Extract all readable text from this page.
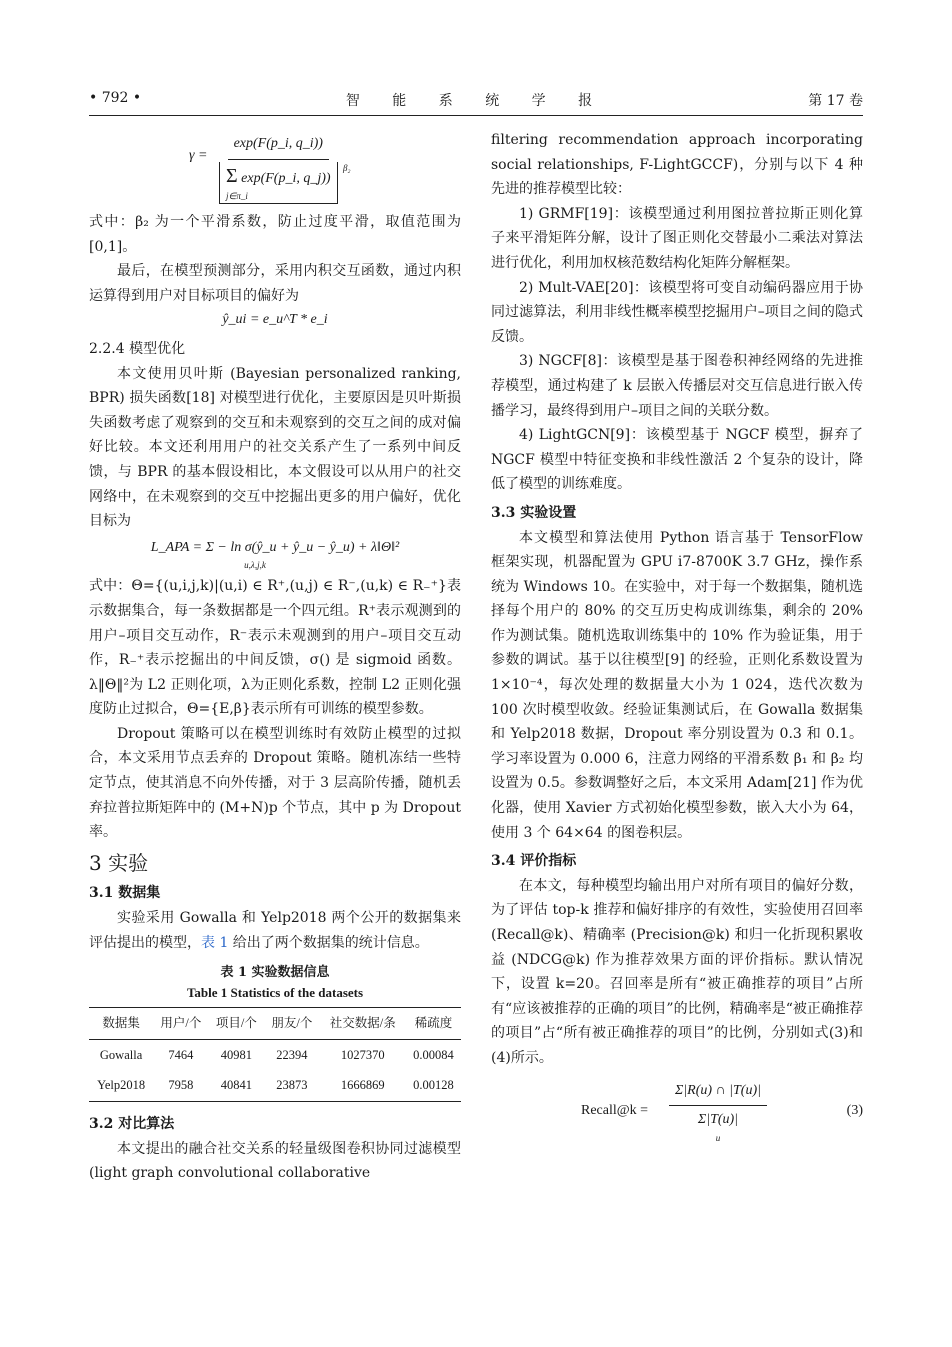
• 792 •	智 能 系 统 学 报	第 17 卷
γ =
exp(F(p_i, q_i))
Σ exp(F(p_i, q_j))
β₂
j∈π_i

式中：β₂ 为一个平滑系数，防止过度平滑，取值范围为 [0,1]。

最后，在模型预测部分，采用内积交互函数，通过内积运算得到用户对目标项目的偏好为

ŷ_ui = e_u^T * e_i
2.2.4 模型优化

本文使用贝叶斯 (Bayesian personalized ranking, BPR) 损失函数[18] 对模型进行优化，主要原因是贝叶斯损失函数考虑了观察到的交互和未观察到的交互之间的成对偏好比较。本文还利用用户的社交关系产生了一系列中间反馈，与 BPR 的基本假设相比，本文假设可以从用户的社交网络中，在未观察到的交互中挖掘出更多的用户偏好，优化目标为

L_APA = Σ − ln σ(ŷ_u + ŷ_u − ŷ_u) + λ‖Θ‖²
u,λ,j,k

式中：Θ={(u,i,j,k)|(u,i) ∈ R⁺,(u,j) ∈ R⁻,(u,k) ∈ R₋⁺}表示数据集合，每一条数据都是一个四元组。R⁺表示观测到的用户–项目交互动作，R⁻表示未观测到的用户–项目交互动作，R₋⁺表示挖掘出的中间反馈，σ() 是 sigmoid 函数。λ‖Θ‖²为 L2 正则化项，λ为正则化系数，控制 L2 正则化强度防止过拟合，Θ={E,β}表示所有可训练的模型参数。

Dropout 策略可以在模型训练时有效防止模型的过拟合，本文采用节点丢弃的 Dropout 策略。随机冻结一些特定节点，使其消息不向外传播，对于 3 层高阶传播，随机丢弃拉普拉斯矩阵中的 (M+N)p 个节点，其中 p 为 Dropout 率。

3 实验
3.1 数据集

实验采用 Gowalla 和 Yelp2018 两个公开的数据集来评估提出的模型，表 1 给出了两个数据集的统计信息。

表 1 实验数据信息
Table 1 Statistics of the datasets
数据集	用户/个	项目/个	朋友/个	社交数据/条	稀疏度
Gowalla	7464	40981	22394	1027370	0.00084
Yelp2018	7958	40841	23873	1666869	0.00128
3.2 对比算法

本文提出的融合社交关系的轻量级图卷积协同过滤模型 (light graph convolutional collaborative

filtering recommendation approach incorporating social relationships, F-LightGCCF)，分别与以下 4 种先进的推荐模型比较：

1) GRMF[19]：该模型通过利用图拉普拉斯正则化算子来平滑矩阵分解，设计了图正则化交替最小二乘法对算法进行优化，利用加权核范数结构化矩阵分解框架。

2) Mult-VAE[20]：该模型将可变自动编码器应用于协同过滤算法，利用非线性概率模型挖掘用户–项目之间的隐式反馈。

3) NGCF[8]：该模型是基于图卷积神经网络的先进推荐模型，通过构建了 k 层嵌入传播层对交互信息进行嵌入传播学习，最终得到用户–项目之间的关联分数。

4) LightGCN[9]：该模型基于 NGCF 模型，摒弃了 NGCF 模型中特征变换和非线性激活 2 个复杂的设计，降低了模型的训练难度。

3.3 实验设置

本文模型和算法使用 Python 语言基于 TensorFlow 框架实现，机器配置为 GPU i7-8700K 3.7 GHz，操作系统为 Windows 10。在实验中，对于每一个数据集，随机选择每个用户的 80% 的交互历史构成训练集，剩余的 20% 作为测试集。随机选取训练集中的 10% 作为验证集，用于参数的调试。基于以往模型[9] 的经验，正则化系数设置为 1×10⁻⁴，每次处理的数据量大小为 1 024，迭代次数为 100 次时模型收敛。经验证集测试后，在 Gowalla 数据集和 Yelp2018 数据，Dropout 率分别设置为 0.3 和 0.1。学习率设置为 0.000 6，注意力网络的平滑系数 β₁ 和 β₂ 均设置为 0.5。参数调整好之后，本文采用 Adam[21] 作为优化器，使用 Xavier 方式初始化模型参数，嵌入大小为 64，使用 3 个 64×64 的图卷积层。

3.4 评价指标

在本文，每种模型均输出用户对所有项目的偏好分数，为了评估 top-k 推荐和偏好排序的有效性，实验使用召回率 (Recall@k)、精确率 (Precision@k) 和归一化折现积累收益 (NDCG@k) 作为推荐效果方面的评价指标。默认情况下，设置 k=20。召回率是所有“被正确推荐的项目”占所有“应该被推荐的正确的项目”的比例，精确率是“被正确推荐的项目”占“所有被正确推荐的项目”的比例，分别如式(3)和(4)所示。

Recall@k =
Σ|R(u) ∩ |T(u)|
Σ|T(u)|
u
(3)
